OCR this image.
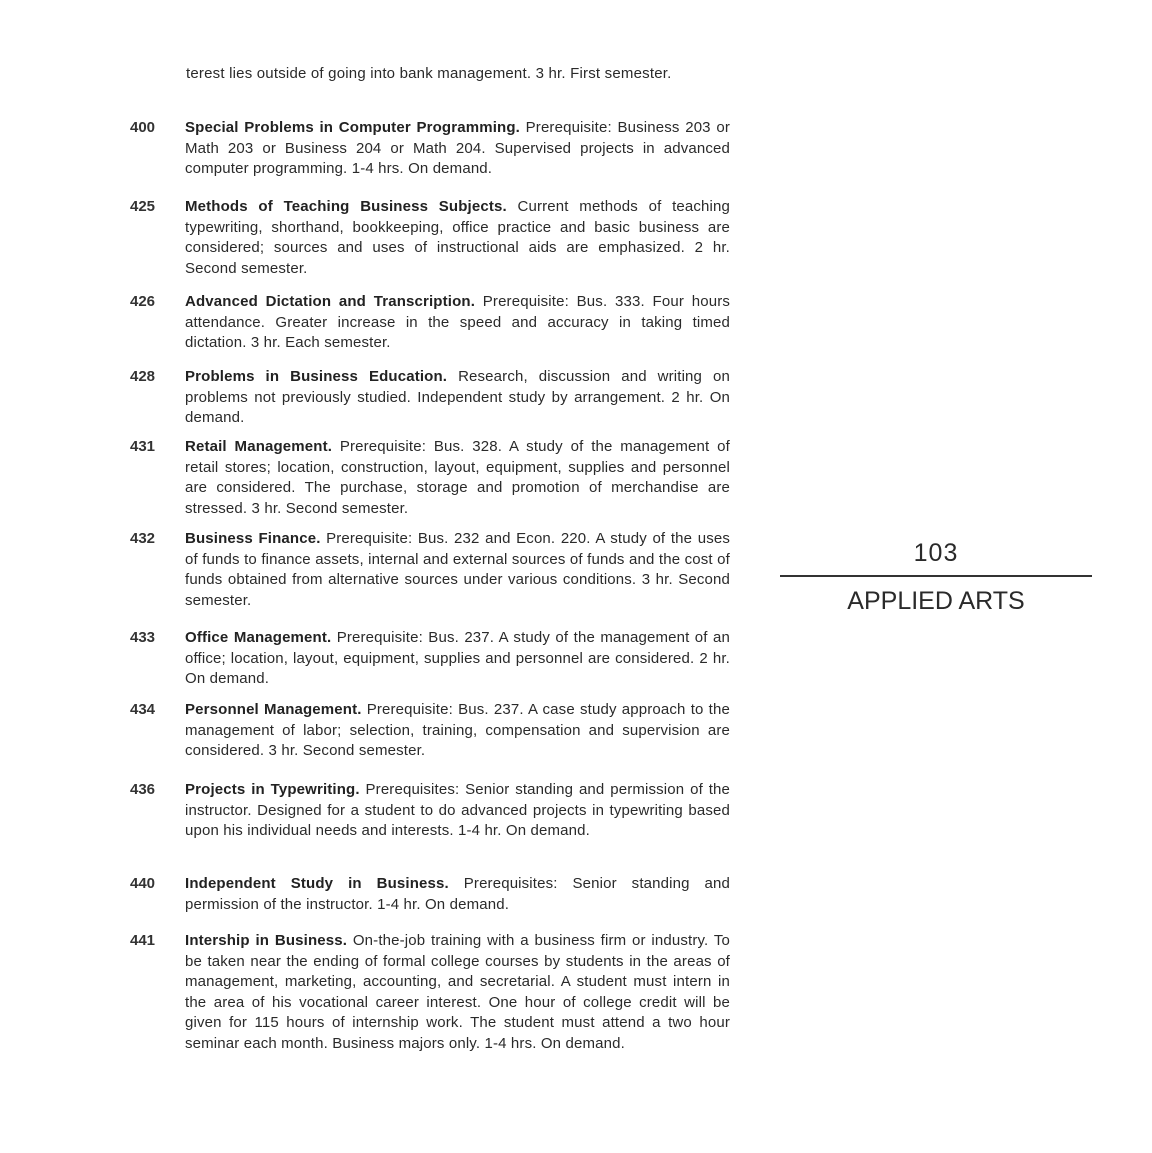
terest lies outside of going into bank management. 3 hr. First semester.
400	Special Problems in Computer Programming. Prerequisite: Business 203 or Math 203 or Business 204 or Math 204. Supervised projects in advanced computer programming. 1-4 hrs. On demand.
425	Methods of Teaching Business Subjects. Current methods of teaching typewriting, shorthand, bookkeeping, office practice and basic business are considered; sources and uses of instructional aids are emphasized. 2 hr. Second semester.
426	Advanced Dictation and Transcription. Prerequisite: Bus. 333. Four hours attendance. Greater increase in the speed and accuracy in taking timed dictation. 3 hr. Each semester.
428	Problems in Business Education. Research, discussion and writing on problems not previously studied. Independent study by arrangement. 2 hr. On demand.
431	Retail Management. Prerequisite: Bus. 328. A study of the management of retail stores; location, construction, layout, equipment, supplies and personnel are considered. The purchase, storage and promotion of merchandise are stressed. 3 hr. Second semester.
432	Business Finance. Prerequisite: Bus. 232 and Econ. 220. A study of the uses of funds to finance assets, internal and external sources of funds and the cost of funds obtained from alternative sources under various conditions. 3 hr. Second semester.
433	Office Management. Prerequisite: Bus. 237. A study of the management of an office; location, layout, equipment, supplies and personnel are considered. 2 hr. On demand.
434	Personnel Management. Prerequisite: Bus. 237. A case study approach to the management of labor; selection, training, compensation and supervision are considered. 3 hr. Second semester.
436	Projects in Typewriting. Prerequisites: Senior standing and permission of the instructor. Designed for a student to do advanced projects in typewriting based upon his individual needs and interests. 1-4 hr. On demand.
440	Independent Study in Business. Prerequisites: Senior standing and permission of the instructor. 1-4 hr. On demand.
441	Intership in Business. On-the-job training with a business firm or industry. To be taken near the ending of formal college courses by students in the areas of management, marketing, accounting, and secretarial. A student must intern in the area of his vocational career interest. One hour of college credit will be given for 115 hours of internship work. The student must attend a two hour seminar each month. Business majors only. 1-4 hrs. On demand.
103
APPLIED ARTS
